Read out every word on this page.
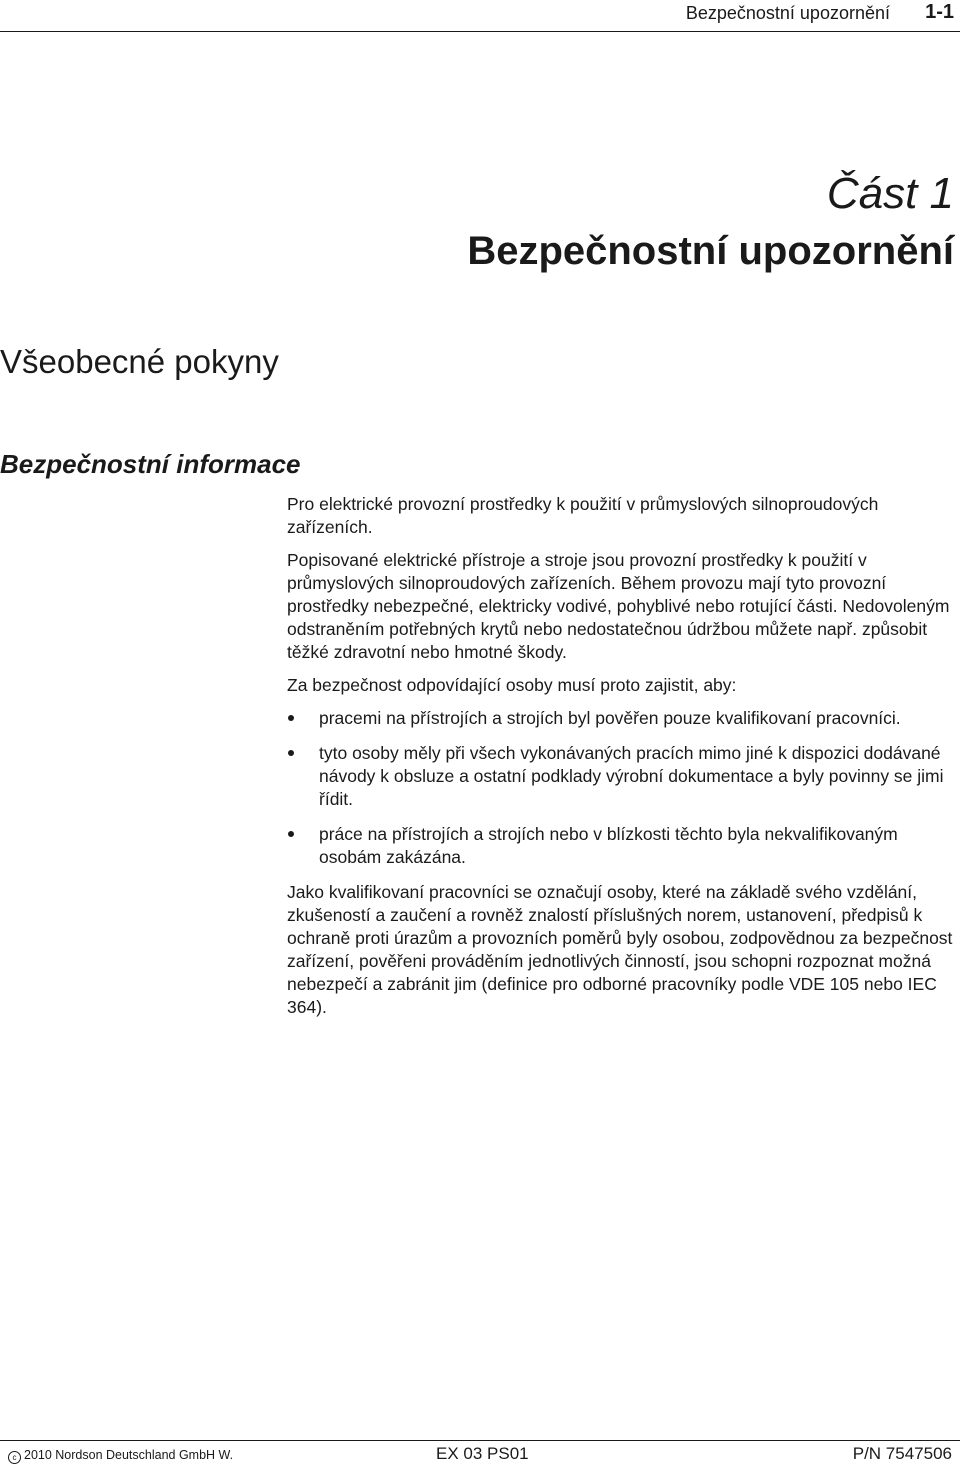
Bezpečnostní upozornění 1-1
Část 1
Bezpečnostní upozornění
Všeobecné pokyny
Bezpečnostní informace

Pro elektrické provozní prostředky k použití v průmyslových silnoproudových zařízeních.

Popisované elektrické přístroje a stroje jsou provozní prostředky k použití v průmyslových silnoproudových zařízeních. Během provozu mají tyto provozní prostředky nebezpečné, elektricky vodivé, pohyblivé nebo rotující části. Nedovoleným odstraněním potřebných krytů nebo nedostatečnou údržbou můžete např. způsobit těžké zdravotní nebo hmotné škody.

Za bezpečnost odpovídající osoby musí proto zajistit, aby:

pracemi na přístrojích a strojích byl pověřen pouze kvalifikovaní pracovníci.
tyto osoby měly při všech vykonávaných pracích mimo jiné k dispozici dodávané návody k obsluze a ostatní podklady výrobní dokumentace a byly povinny se jimi řídit.
práce na přístrojích a strojích nebo v blízkosti těchto byla nekvalifikovaným osobám zakázána.

Jako kvalifikovaní pracovníci se označují osoby, které na základě svého vzdělání, zkušeností a zaučení a rovněž znalostí příslušných norem, ustanovení, předpisů k ochraně proti úrazům a provozních poměrů byly osobou, zodpovědnou za bezpečnost zařízení, pověřeni prováděním jednotlivých činností, jsou schopni rozpoznat možná nebezpečí a zabránit jim (definice pro odborné pracovníky podle VDE 105 nebo IEC 364).

c 2010 Nordson Deutschland GmbH W.	EX 03 PS01	P/N 7547506
